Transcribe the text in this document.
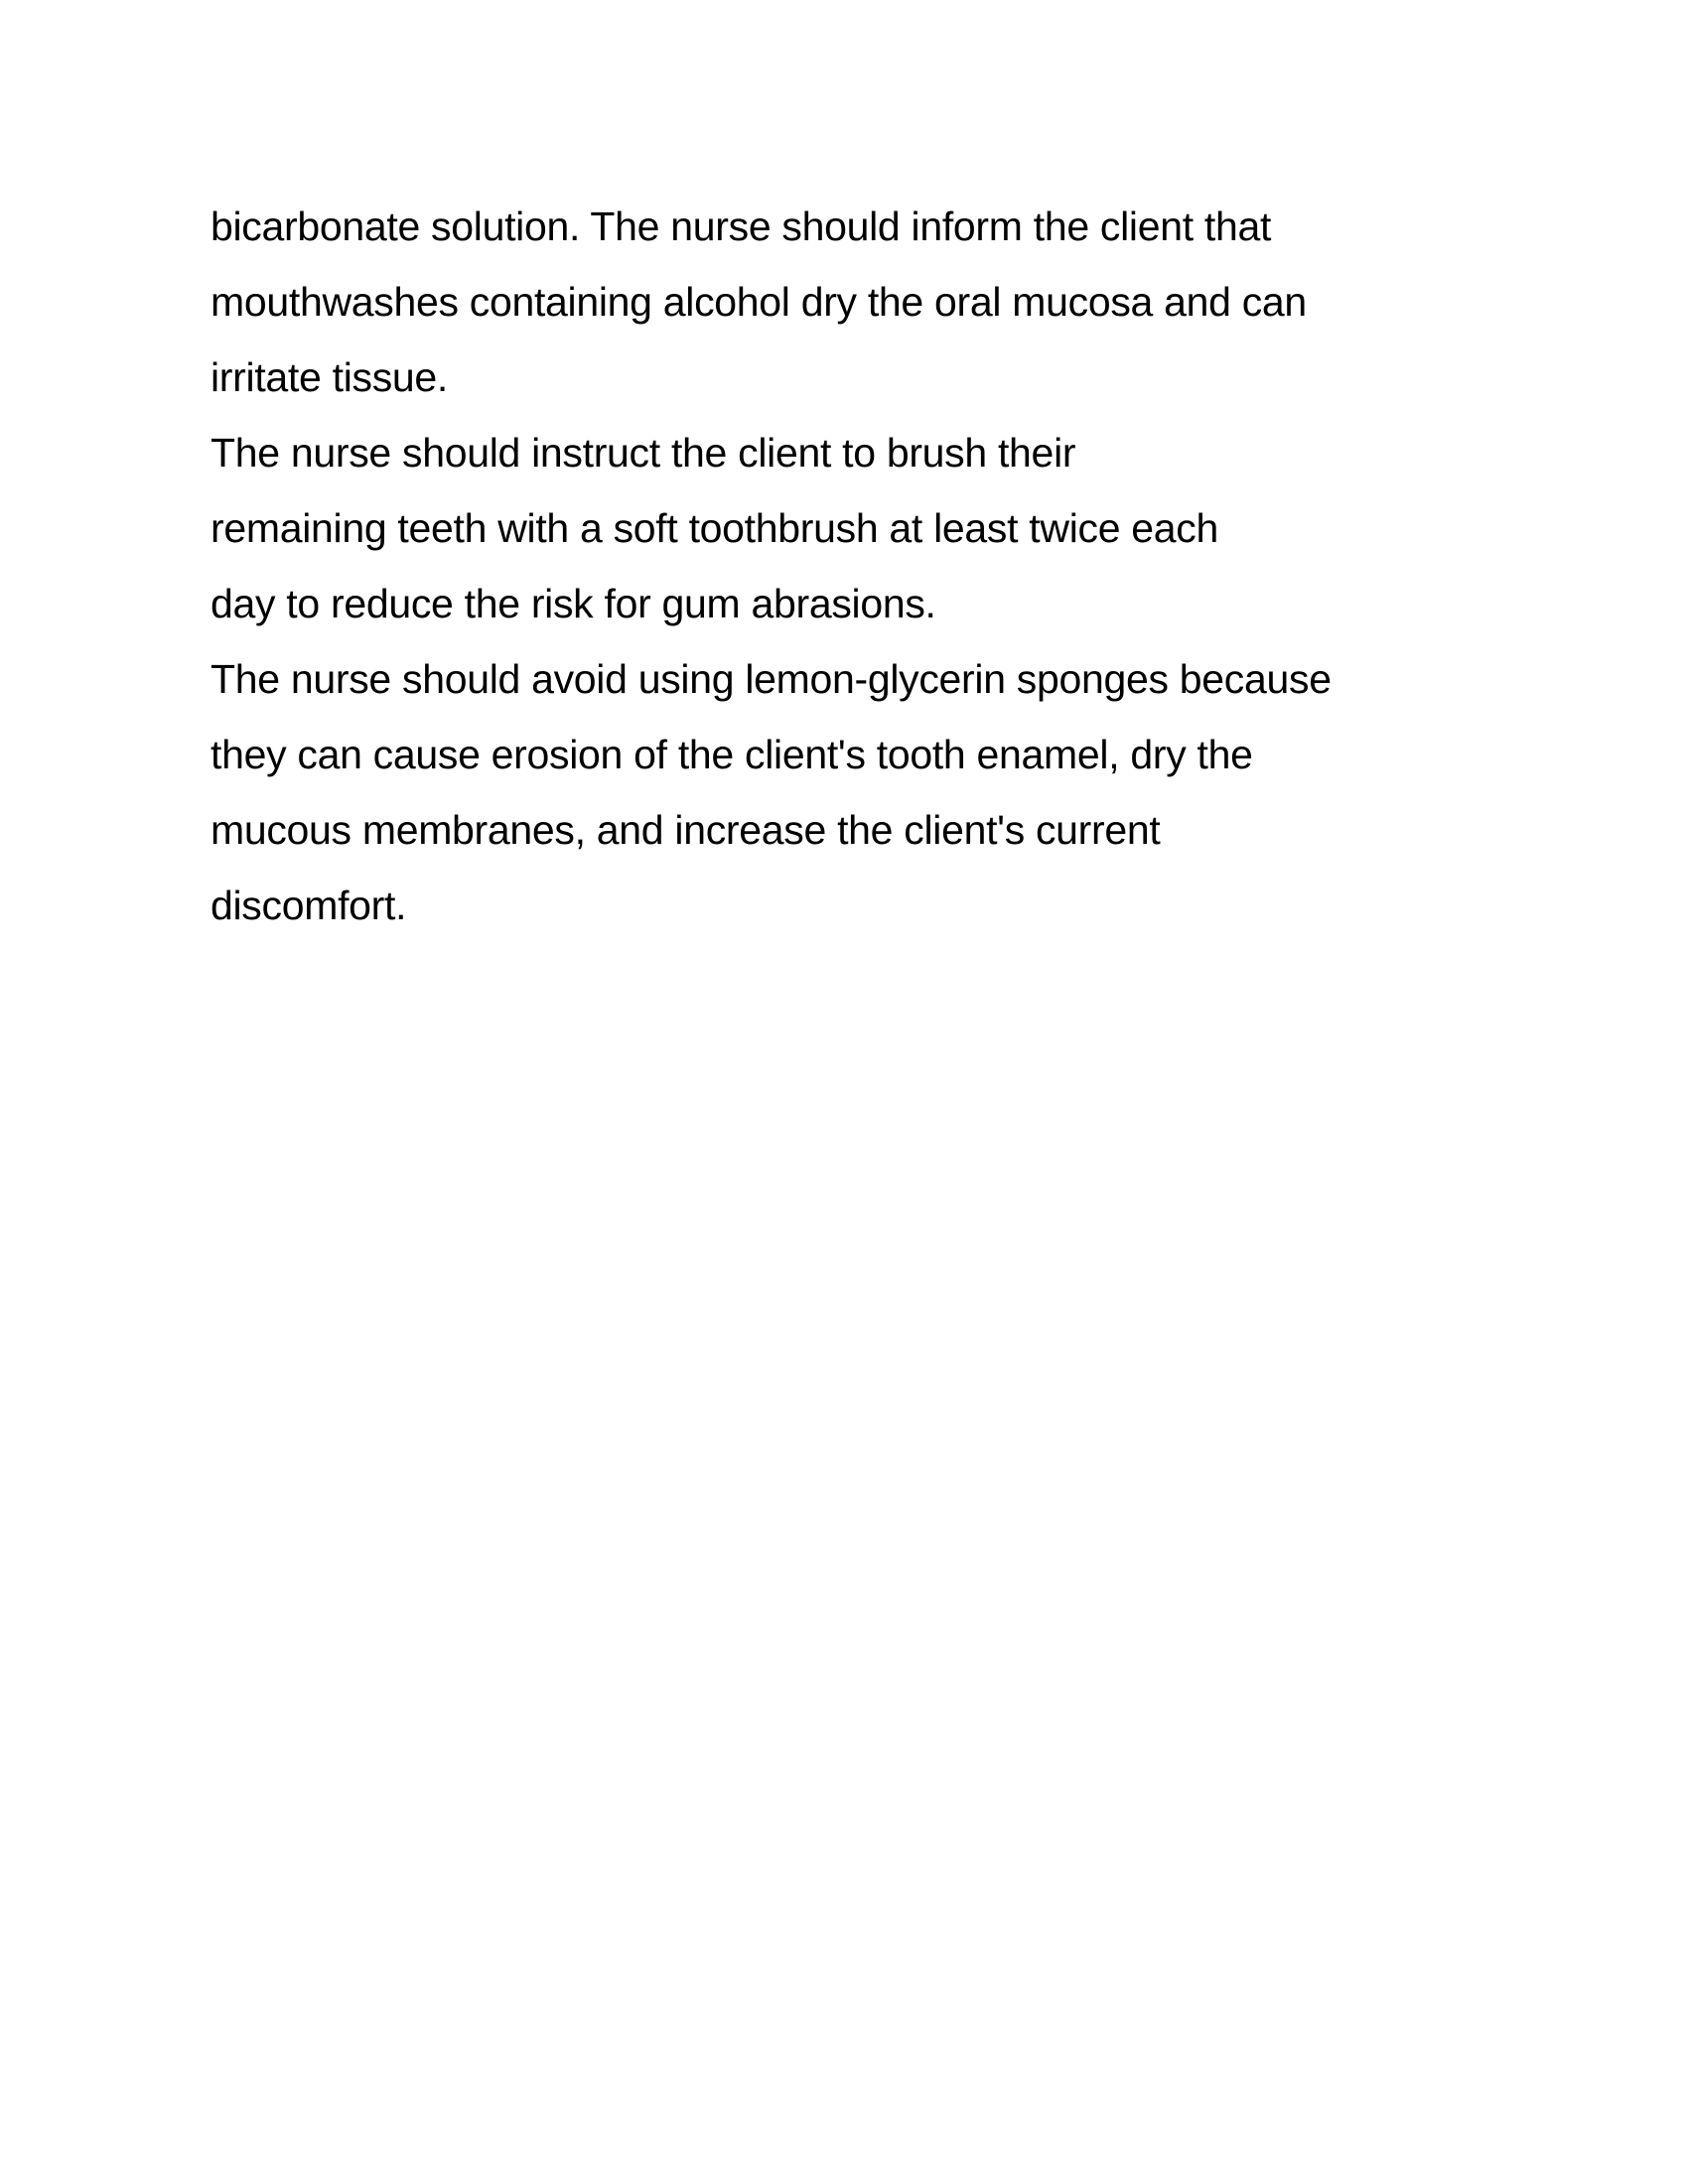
bicarbonate solution. The nurse should inform the client that
mouthwashes containing alcohol dry the oral mucosa and can
irritate tissue.
The nurse should instruct the client to brush their
remaining teeth with a soft toothbrush at least twice each
day to reduce the risk for gum abrasions.
The nurse should avoid using lemon-glycerin sponges because
they can cause erosion of the client's tooth enamel, dry the
mucous membranes, and increase the client's current
discomfort.
